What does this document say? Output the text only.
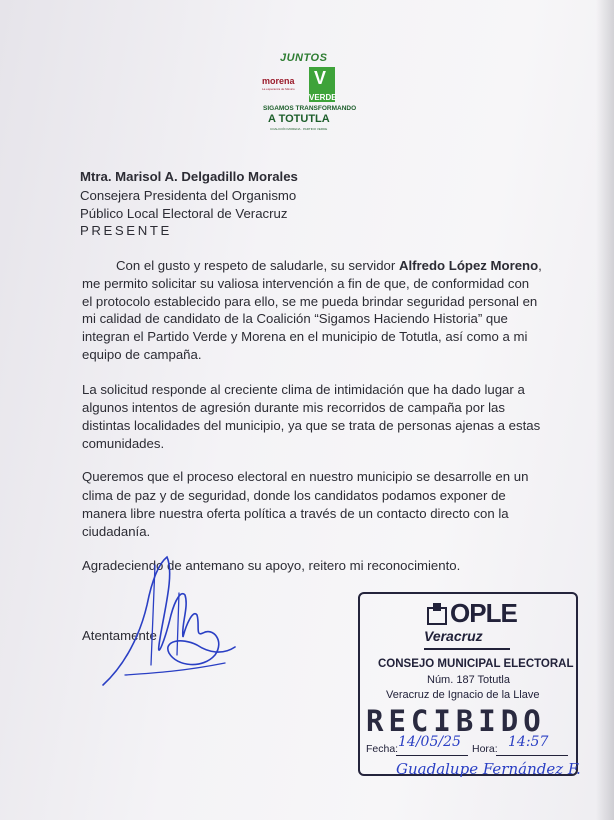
JUNTOS
morena
La esperanza de México
V
VERDE
SIGAMOS TRANSFORMANDO
A TOTUTLA
COALICIÓN MORENA · PARTIDO VERDE
Mtra. Marisol A. Delgadillo Morales
Consejera Presidenta del Organismo
Público Local Electoral de Veracruz
PRESENTE
Con el gusto y respeto de saludarle, su servidor Alfredo López Moreno,
me permito solicitar su valiosa intervención a fin de que, de conformidad con
el protocolo establecido para ello, se me pueda brindar seguridad personal en
mi calidad de candidato de la Coalición “Sigamos Haciendo Historia” que
integran el Partido Verde y Morena en el municipio de Totutla, así como a mi
equipo de campaña.
La solicitud responde al creciente clima de intimidación que ha dado lugar a
algunos intentos de agresión durante mis recorridos de campaña por las
distintas localidades del municipio, ya que se trata de personas ajenas a estas
comunidades.
Queremos que el proceso electoral en nuestro municipio se desarrolle en un
clima de paz y de seguridad, donde los candidatos podamos exponer de
manera libre nuestra oferta política a través de un contacto directo con la
ciudadanía.
Agradeciendo de antemano su apoyo, reitero mi reconocimiento.
Atentamente
OPLE
Veracruz
CONSEJO MUNICIPAL ELECTORAL
Núm. 187 Totutla
Veracruz de Ignacio de la Llave
RECIBIDO
Fecha: 14/05/25 Hora: 14:57
Guadalupe Fernández F.
